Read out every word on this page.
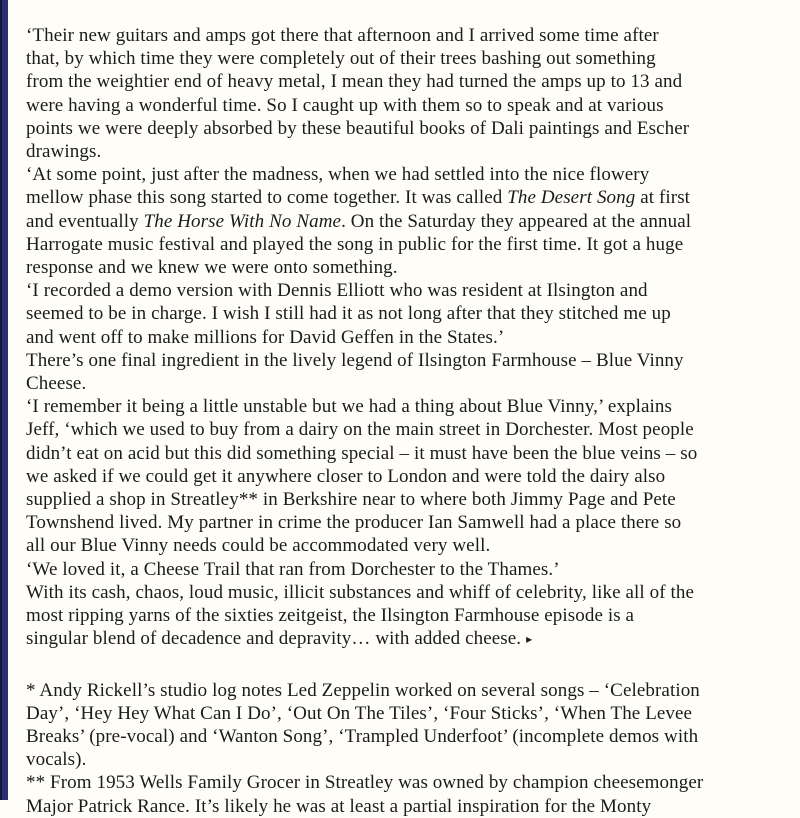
‘Their new guitars and amps got there that afternoon and I arrived some time after
that, by which time they were completely out of their trees bashing out something
from the weightier end of heavy metal, I mean they had turned the amps up to 13 and
were having a wonderful time. So I caught up with them so to speak and at various
points we were deeply absorbed by these beautiful books of Dali paintings and Escher
drawings.
‘At some point, just after the madness, when we had settled into the nice flowery
mellow phase this song started to come together. It was called The Desert Song at first
and eventually The Horse With No Name. On the Saturday they appeared at the annual
Harrogate music festival and played the song in public for the first time. It got a huge
response and we knew we were onto something.
‘I recorded a demo version with Dennis Elliott who was resident at Ilsington and
seemed to be in charge. I wish I still had it as not long after that they stitched me up
and went off to make millions for David Geffen in the States.’
There’s one final ingredient in the lively legend of Ilsington Farmhouse – Blue Vinny
Cheese.
‘I remember it being a little unstable but we had a thing about Blue Vinny,’ explains
Jeff, ‘which we used to buy from a dairy on the main street in Dorchester. Most people
didn’t eat on acid but this did something special – it must have been the blue veins – so
we asked if we could get it anywhere closer to London and were told the dairy also
supplied a shop in Streatley** in Berkshire near to where both Jimmy Page and Pete
Townshend lived. My partner in crime the producer Ian Samwell had a place there so
all our Blue Vinny needs could be accommodated very well.
‘We loved it, a Cheese Trail that ran from Dorchester to the Thames.’
With its cash, chaos, loud music, illicit substances and whiff of celebrity, like all of the
most ripping yarns of the sixties zeitgeist, the Ilsington Farmhouse episode is a
singular blend of decadence and depravity… with added cheese. ▸
* Andy Rickell’s studio log notes Led Zeppelin worked on several songs – ‘Celebration
Day’, ‘Hey Hey What Can I Do’, ‘Out On The Tiles’, ‘Four Sticks’, ‘When The Levee
Breaks’ (pre-vocal) and ‘Wanton Song’, ‘Trampled Underfoot’ (incomplete demos with
vocals).
** From 1953 Wells Family Grocer in Streatley was owned by champion cheesemonger
Major Patrick Rance. It’s likely he was at least a partial inspiration for the Monty
